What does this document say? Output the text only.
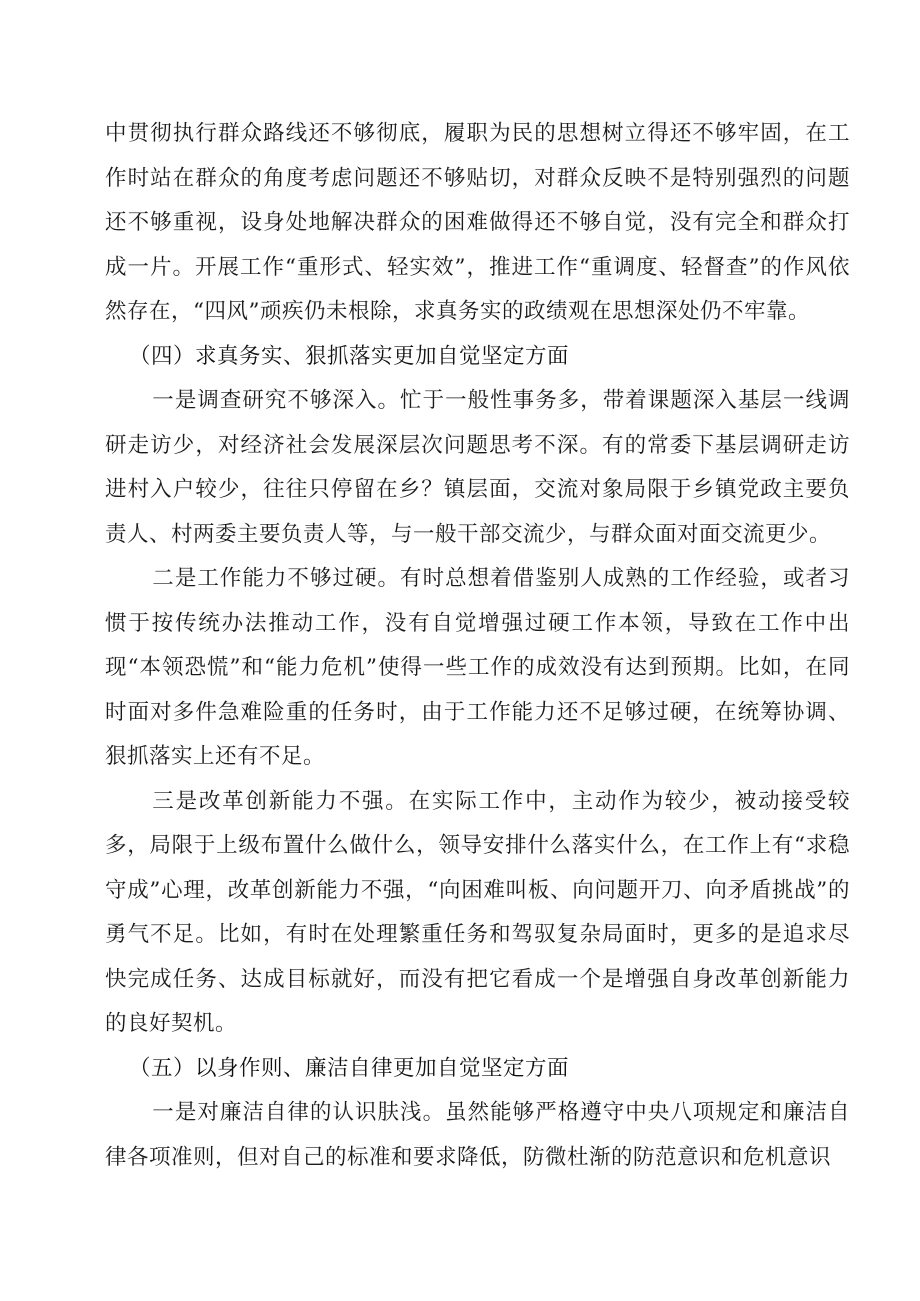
中贯彻执行群众路线还不够彻底，履职为民的思想树立得还不够牢固，在工作时站在群众的角度考虑问题还不够贴切，对群众反映不是特别强烈的问题还不够重视，设身处地解决群众的困难做得还不够自觉，没有完全和群众打成一片。开展工作“重形式、轻实效”，推进工作“重调度、轻督查”的作风依然存在，“四风”顽疾仍未根除，求真务实的政绩观在思想深处仍不牢靠。

（四）求真务实、狠抓落实更加自觉坚定方面

一是调查研究不够深入。忙于一般性事务多，带着课题深入基层一线调研走访少，对经济社会发展深层次问题思考不深。有的常委下基层调研走访进村入户较少，往往只停留在乡？镇层面，交流对象局限于乡镇党政主要负责人、村两委主要负责人等，与一般干部交流少，与群众面对面交流更少。

二是工作能力不够过硬。有时总想着借鉴别人成熟的工作经验，或者习惯于按传统办法推动工作，没有自觉增强过硬工作本领，导致在工作中出现“本领恐慌”和“能力危机”使得一些工作的成效没有达到预期。比如，在同时面对多件急难险重的任务时，由于工作能力还不足够过硬，在统筹协调、狠抓落实上还有不足。

三是改革创新能力不强。在实际工作中，主动作为较少，被动接受较多，局限于上级布置什么做什么，领导安排什么落实什么，在工作上有“求稳守成”心理，改革创新能力不强，“向困难叫板、向问题开刀、向矛盾挑战”的勇气不足。比如，有时在处理繁重任务和驾驭复杂局面时，更多的是追求尽快完成任务、达成目标就好，而没有把它看成一个是增强自身改革创新能力的良好契机。

（五）以身作则、廉洁自律更加自觉坚定方面

一是对廉洁自律的认识肤浅。虽然能够严格遵守中央八项规定和廉洁自律各项准则，但对自己的标准和要求降低，防微杜渐的防范意识和危机意识
